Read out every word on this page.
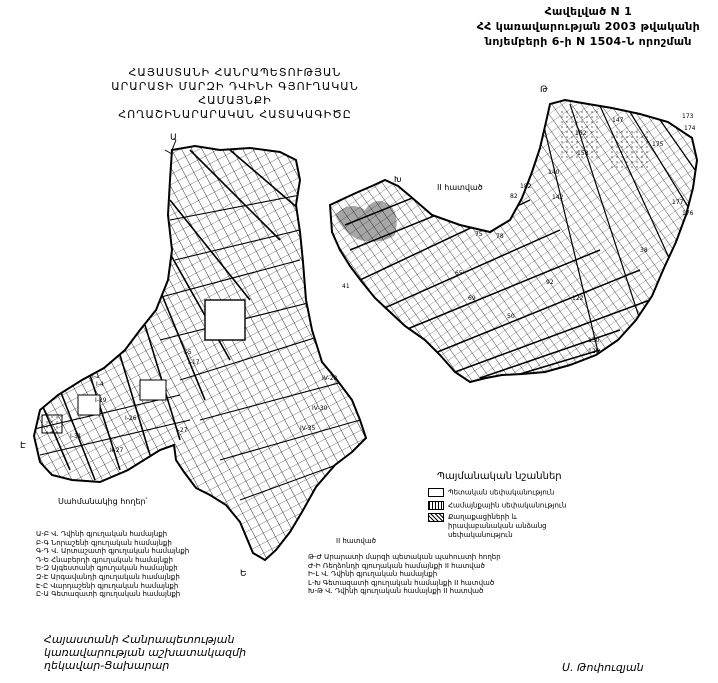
Հավելված N 1
ՀՀ կառավարության 2003 թվականի
նոյեմբերի 6-ի N 1504-Ն որոշման
ՀԱՅԱՍՏԱՆԻ ՀԱՆՐԱՊԵՏՈՒԹՅԱՆ
ԱՐԱՐԱՏԻ ՄԱՐԶԻ ԴՎԻՆԻ ԳՅՈՒՂԱԿԱՆ ՀԱՄԱՅՆՔԻ
ՀՈՂԱՇԻՆԱՐԱՐԱԿԱՆ ՀԱՏԱԿԱԳԻԾԸ
Ա
Է
Ե
Թ
Խ
II hատված
I-1
I-4
I-5
I-17
I-27
IV-28
IV-30
IV-35
II-27
I-31
I-29
I-26
147
173
174
175
177
176
152
140
142
182
82
75 78
38
65
41
69
92
50
122
125
130
158
Պայմանական նշաններ
Պետական սեփականություն
Համայնքային սեփականություն
Քաղաքացիների և իրավաբանական անձանց սեփականություն
Սահմանակից hողեր՝
Ա-Բ Վ. Դվինի գյուղական համայնքի
Բ-Գ Նորաշենի գյուղական համայնքի
Գ-Դ Վ. Արտաշատի գյուղական համայնքի
Դ-Ե Հնաբերդի գյուղական համայնքի
Ե-Զ Այգեստանի գյուղական համայնքի
Զ-Է Արգավանդի գյուղական համայնքի
Է-Ը Վարդաշենի գյուղական համայնքի
Ը-Ա Գետազատի գյուղական համայնքի
II hատված
Թ-Ժ Արարատի մարզի պետական պահուստի hողեր
Ժ-Ի Ռեղձոնդի գյուղական համայնքի II hատված
Ի-Լ Վ. Դվինի գյուղական համայնքի
Լ-Խ Գետազատի գյուղական համայնքի II hատված
Խ-Թ Վ. Դվինի գյուղական համայնքի II hատված
Հայաստանի Հանրապետության
կառավարության աշխատակազմի
ղեկավար-Ցախարար	Ս. Թոփուզյան
